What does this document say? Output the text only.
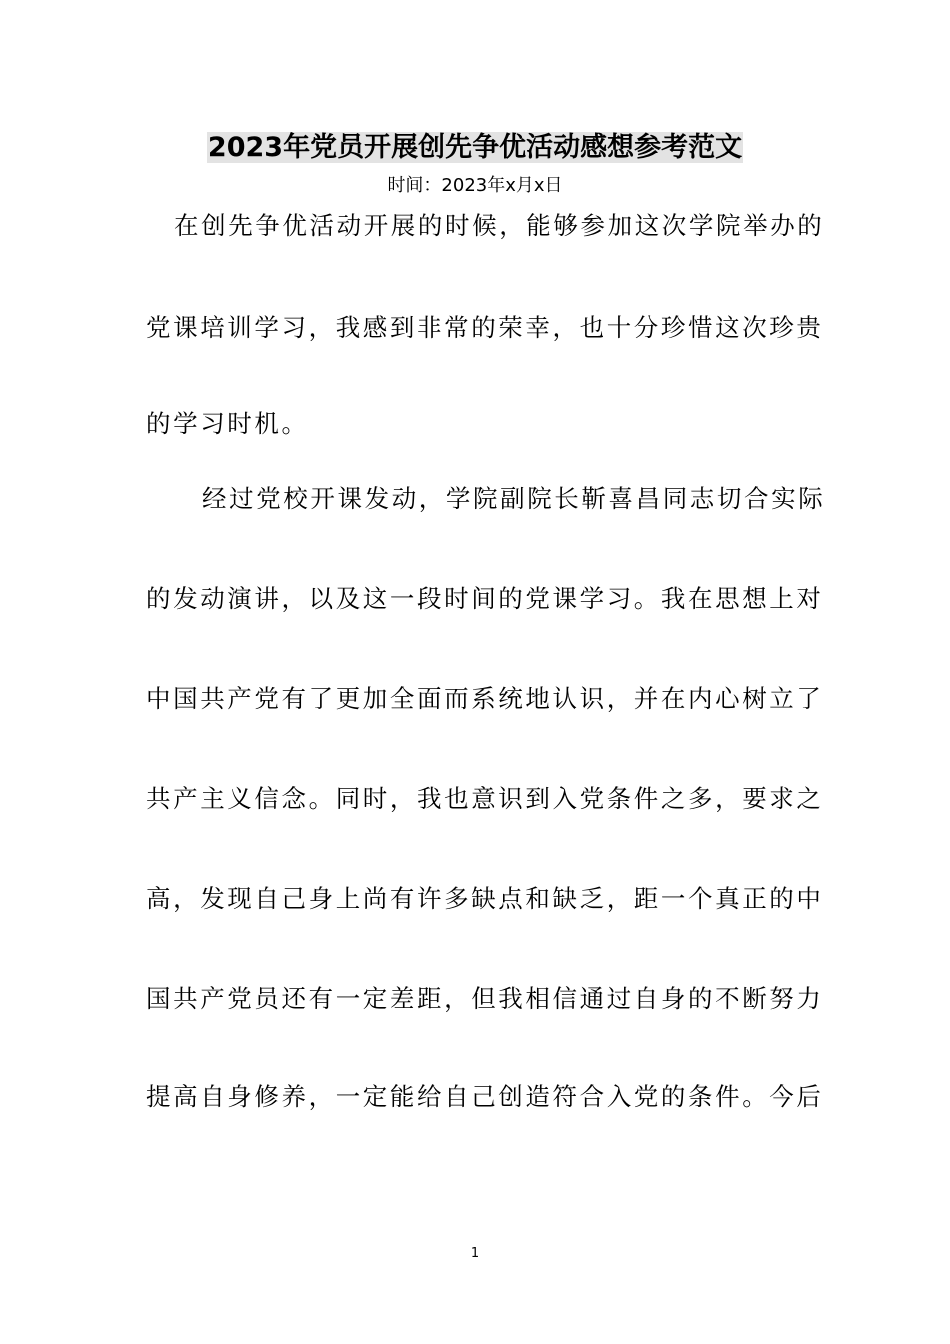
2023年党员开展创先争优活动感想参考范文
时间：2023年x月x日
在创先争优活动开展的时候，能够参加这次学院举办的
党课培训学习，我感到非常的荣幸，也十分珍惜这次珍贵
的学习时机。
经过党校开课发动，学院副院长靳喜昌同志切合实际
的发动演讲，以及这一段时间的党课学习。我在思想上对
中国共产党有了更加全面而系统地认识，并在内心树立了
共产主义信念。同时，我也意识到入党条件之多，要求之
高，发现自己身上尚有许多缺点和缺乏，距一个真正的中
国共产党员还有一定差距，但我相信通过自身的不断努力
提高自身修养，一定能给自己创造符合入党的条件。今后
1
